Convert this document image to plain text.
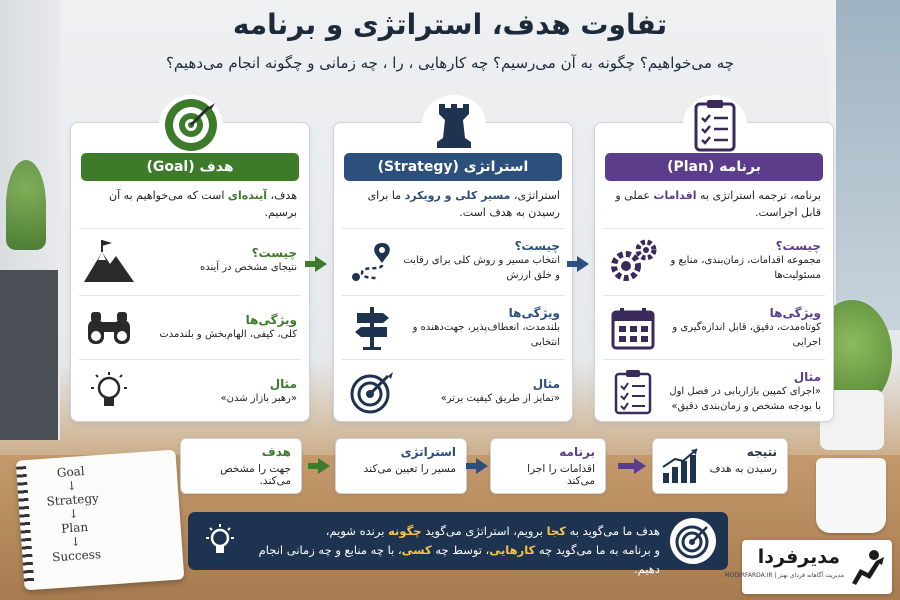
تفاوت هدف، استراتژی و برنامه
چه می‌خواهیم؟ چگونه به آن می‌رسیم؟ چه کارهایی ، را ، چه زمانی و چگونه انجام می‌دهیم؟
هدف (Goal)
هدف، آینده‌ای است که می‌خواهیم به آن برسیم.
چیست؟
نتیجای مشخص در آینده
ویژگی‌ها
کلی، کیفی، الهام‌بخش و بلندمدت
مثال
«رهبر بازار شدن»
استراتژی (Strategy)
استراتژی، مسیر کلی و رویکرد ما برای رسیدن به هدف است.
چیست؟
انتخاب مسیر و روش کلی برای رقابت و خلق ارزش
ویژگی‌ها
بلندمدت، انعطاف‌پذیر، جهت‌دهنده و انتخابی
مثال
«تمایز از طریق کیفیت برتر»
برنامه (Plan)
برنامه، ترجمه استراتژی به اقدامات عملی و قابل اجراست.
چیست؟
مجموعه اقدامات، زمان‌بندی، منابع و مسئولیت‌ها
ویژگی‌ها
کوتاه‌مدت، دقیق، قابل اندازه‌گیری و اجرایی
مثال
«اجرای کمپین بازاریابی در فصل اول با بودجه مشخص و زمان‌بندی دقیق»
هدف
جهت را مشخص می‌کند.
استراتژی
مسیر را تعیین می‌کند
برنامه
اقدامات را اجرا می‌کند
نتیجه
رسیدن به هدف
Goal
↓
Strategy
↓
Plan
↓
Success
هدف ما می‌گوید به کجا برویم، استراتژی می‌گوید چگونه برنده شویم،
و برنامه به ما می‌گوید چه کارهایی، توسط چه کسی، با چه منابع و چه زمانی انجام دهیم.
مدیرفردا
مدیریت آگاهانه فردای بهتر | MODIRFARDA.IR
